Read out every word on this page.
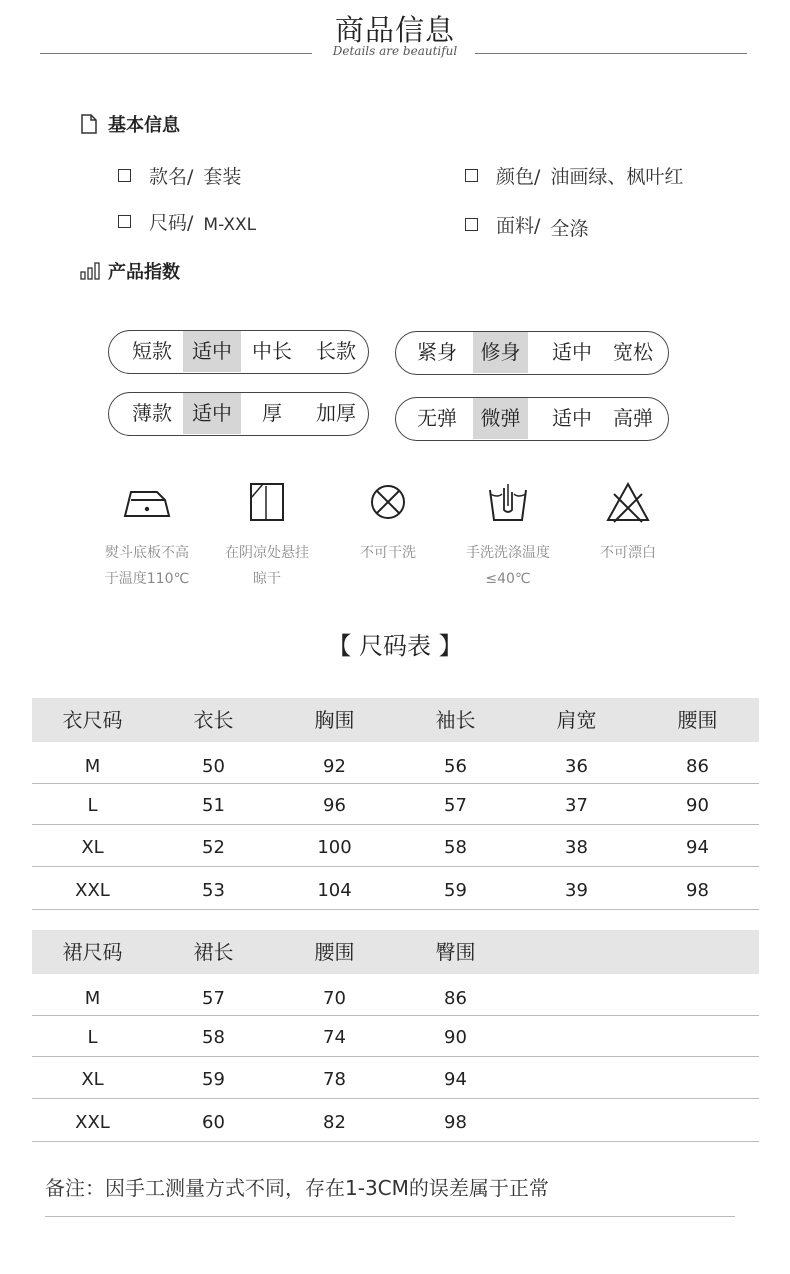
商品信息
Details are beautiful
基本信息
款名/ 套装	颜色/ 油画绿、枫叶红
尺码/ M-XXL	面料/ 全涤
产品指数
短款	适中	中长	长款	紧身	修身	适中	宽松
薄款	适中	厚	加厚	无弹	微弹	适中	高弹
熨斗底板不高
于温度110℃
在阴凉处悬挂
晾干
不可干洗	手洗洗涤温度
≤40℃
不可漂白
【 尺码表 】
衣尺码	衣长	胸围	袖长	肩宽	腰围
M	50	92	56	36	86
L	51	96	57	37	90
XL	52	100	58	38	94
XXL	53	104	59	39	98
裙尺码	裙长	腰围	臀围
M	57	70	86
L	58	74	90
XL	59	78	94
XXL	60	82	98
备注：因手工测量方式不同，存在1-3CM的误差属于正常
